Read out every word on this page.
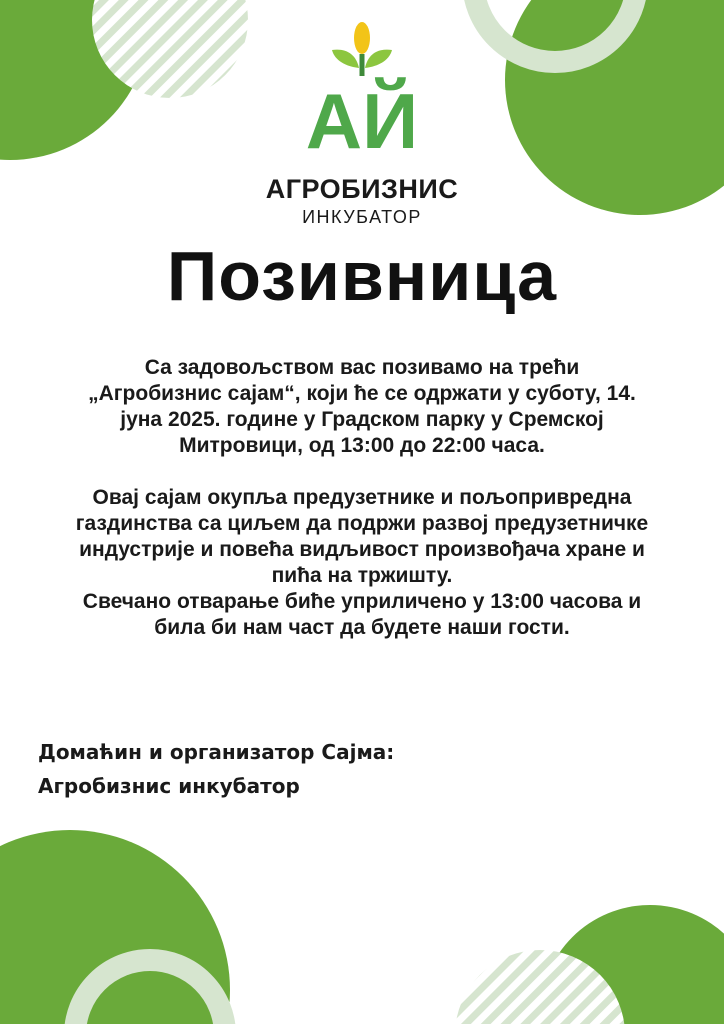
АЙ
АГРОБИЗНИС
ИНКУБАТОР
Позивница

Са задовољством вас позивамо на трећи

„Агробизнис сајам“, који ће се одржати у суботу, 14.

јуна 2025. године у Градском парку у Сремској

Митровици, од 13:00 до 22:00 часа.

Овај сајам окупља предузетнике и пољопривредна

газдинства са циљем да подржи развој предузетничке

индустрије и повећа видљивост произвођача хране и

пића на тржишту.

Свечано отварање биће уприличено у 13:00 часова и

била би нам част да будете наши гости.

Домаћин и организатор Сајма:
Агробизнис инкубатор
